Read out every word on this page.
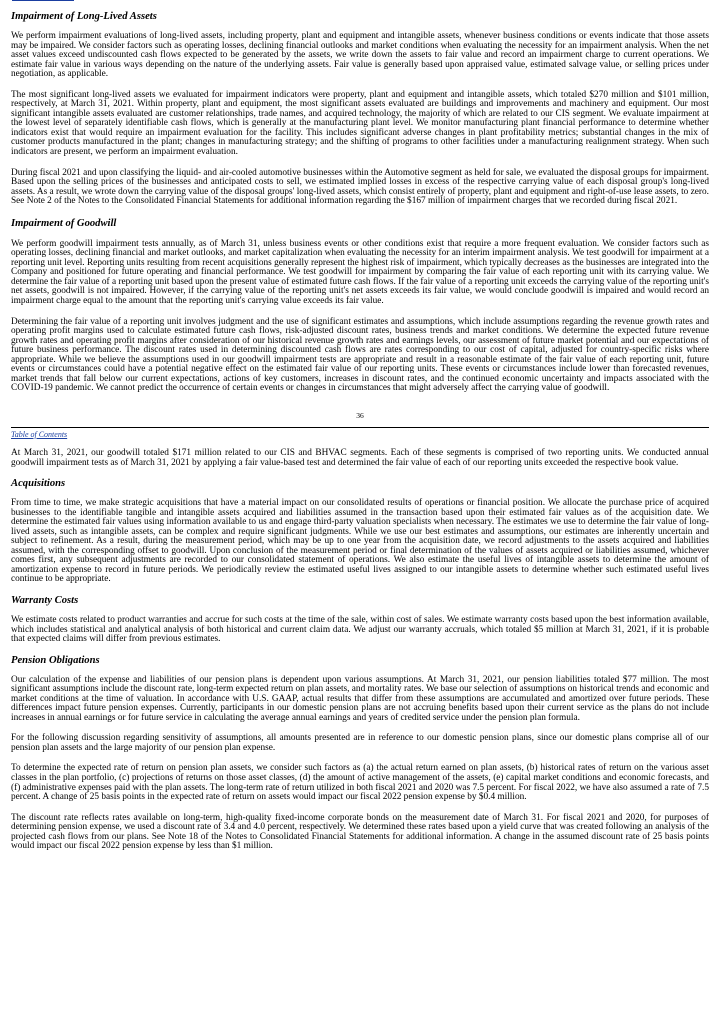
Impairment of Long-Lived Assets

We perform impairment evaluations of long-lived assets, including property, plant and equipment and intangible assets, whenever business conditions or events indicate that those assets may be impaired. We consider factors such as operating losses, declining financial outlooks and market conditions when evaluating the necessity for an impairment analysis. When the net asset values exceed undiscounted cash flows expected to be generated by the assets, we write down the assets to fair value and record an impairment charge to current operations. We estimate fair value in various ways depending on the nature of the underlying assets. Fair value is generally based upon appraised value, estimated salvage value, or selling prices under negotiation, as applicable.

The most significant long-lived assets we evaluated for impairment indicators were property, plant and equipment and intangible assets, which totaled $270 million and $101 million, respectively, at March 31, 2021. Within property, plant and equipment, the most significant assets evaluated are buildings and improvements and machinery and equipment. Our most significant intangible assets evaluated are customer relationships, trade names, and acquired technology, the majority of which are related to our CIS segment. We evaluate impairment at the lowest level of separately identifiable cash flows, which is generally at the manufacturing plant level. We monitor manufacturing plant financial performance to determine whether indicators exist that would require an impairment evaluation for the facility. This includes significant adverse changes in plant profitability metrics; substantial changes in the mix of customer products manufactured in the plant; changes in manufacturing strategy; and the shifting of programs to other facilities under a manufacturing realignment strategy. When such indicators are present, we perform an impairment evaluation.

During fiscal 2021 and upon classifying the liquid- and air-cooled automotive businesses within the Automotive segment as held for sale, we evaluated the disposal groups for impairment. Based upon the selling prices of the businesses and anticipated costs to sell, we estimated implied losses in excess of the respective carrying value of each disposal group's long-lived assets. As a result, we wrote down the carrying value of the disposal groups' long-lived assets, which consist entirely of property, plant and equipment and right-of-use lease assets, to zero. See Note 2 of the Notes to the Consolidated Financial Statements for additional information regarding the $167 million of impairment charges that we recorded during fiscal 2021.

Impairment of Goodwill

We perform goodwill impairment tests annually, as of March 31, unless business events or other conditions exist that require a more frequent evaluation. We consider factors such as operating losses, declining financial and market outlooks, and market capitalization when evaluating the necessity for an interim impairment analysis. We test goodwill for impairment at a reporting unit level. Reporting units resulting from recent acquisitions generally represent the highest risk of impairment, which typically decreases as the businesses are integrated into the Company and positioned for future operating and financial performance. We test goodwill for impairment by comparing the fair value of each reporting unit with its carrying value. We determine the fair value of a reporting unit based upon the present value of estimated future cash flows. If the fair value of a reporting unit exceeds the carrying value of the reporting unit's net assets, goodwill is not impaired. However, if the carrying value of the reporting unit's net assets exceeds its fair value, we would conclude goodwill is impaired and would record an impairment charge equal to the amount that the reporting unit's carrying value exceeds its fair value.

Determining the fair value of a reporting unit involves judgment and the use of significant estimates and assumptions, which include assumptions regarding the revenue growth rates and operating profit margins used to calculate estimated future cash flows, risk-adjusted discount rates, business trends and market conditions. We determine the expected future revenue growth rates and operating profit margins after consideration of our historical revenue growth rates and earnings levels, our assessment of future market potential and our expectations of future business performance. The discount rates used in determining discounted cash flows are rates corresponding to our cost of capital, adjusted for country-specific risks where appropriate. While we believe the assumptions used in our goodwill impairment tests are appropriate and result in a reasonable estimate of the fair value of each reporting unit, future events or circumstances could have a potential negative effect on the estimated fair value of our reporting units. These events or circumstances include lower than forecasted revenues, market trends that fall below our current expectations, actions of key customers, increases in discount rates, and the continued economic uncertainty and impacts associated with the COVID-19 pandemic. We cannot predict the occurrence of certain events or changes in circumstances that might adversely affect the carrying value of goodwill.

36
Table of Contents

At March 31, 2021, our goodwill totaled $171 million related to our CIS and BHVAC segments. Each of these segments is comprised of two reporting units. We conducted annual goodwill impairment tests as of March 31, 2021 by applying a fair value-based test and determined the fair value of each of our reporting units exceeded the respective book value.

Acquisitions

From time to time, we make strategic acquisitions that have a material impact on our consolidated results of operations or financial position. We allocate the purchase price of acquired businesses to the identifiable tangible and intangible assets acquired and liabilities assumed in the transaction based upon their estimated fair values as of the acquisition date. We determine the estimated fair values using information available to us and engage third-party valuation specialists when necessary. The estimates we use to determine the fair value of long-lived assets, such as intangible assets, can be complex and require significant judgments. While we use our best estimates and assumptions, our estimates are inherently uncertain and subject to refinement. As a result, during the measurement period, which may be up to one year from the acquisition date, we record adjustments to the assets acquired and liabilities assumed, with the corresponding offset to goodwill. Upon conclusion of the measurement period or final determination of the values of assets acquired or liabilities assumed, whichever comes first, any subsequent adjustments are recorded to our consolidated statement of operations. We also estimate the useful lives of intangible assets to determine the amount of amortization expense to record in future periods. We periodically review the estimated useful lives assigned to our intangible assets to determine whether such estimated useful lives continue to be appropriate.

Warranty Costs

We estimate costs related to product warranties and accrue for such costs at the time of the sale, within cost of sales. We estimate warranty costs based upon the best information available, which includes statistical and analytical analysis of both historical and current claim data. We adjust our warranty accruals, which totaled $5 million at March 31, 2021, if it is probable that expected claims will differ from previous estimates.

Pension Obligations

Our calculation of the expense and liabilities of our pension plans is dependent upon various assumptions. At March 31, 2021, our pension liabilities totaled $77 million. The most significant assumptions include the discount rate, long-term expected return on plan assets, and mortality rates. We base our selection of assumptions on historical trends and economic and market conditions at the time of valuation. In accordance with U.S. GAAP, actual results that differ from these assumptions are accumulated and amortized over future periods. These differences impact future pension expenses. Currently, participants in our domestic pension plans are not accruing benefits based upon their current service as the plans do not include increases in annual earnings or for future service in calculating the average annual earnings and years of credited service under the pension plan formula.

For the following discussion regarding sensitivity of assumptions, all amounts presented are in reference to our domestic pension plans, since our domestic plans comprise all of our pension plan assets and the large majority of our pension plan expense.

To determine the expected rate of return on pension plan assets, we consider such factors as (a) the actual return earned on plan assets, (b) historical rates of return on the various asset classes in the plan portfolio, (c) projections of returns on those asset classes, (d) the amount of active management of the assets, (e) capital market conditions and economic forecasts, and (f) administrative expenses paid with the plan assets. The long-term rate of return utilized in both fiscal 2021 and 2020 was 7.5 percent. For fiscal 2022, we have also assumed a rate of 7.5 percent. A change of 25 basis points in the expected rate of return on assets would impact our fiscal 2022 pension expense by $0.4 million.

The discount rate reflects rates available on long-term, high-quality fixed-income corporate bonds on the measurement date of March 31. For fiscal 2021 and 2020, for purposes of determining pension expense, we used a discount rate of 3.4 and 4.0 percent, respectively. We determined these rates based upon a yield curve that was created following an analysis of the projected cash flows from our plans. See Note 18 of the Notes to Consolidated Financial Statements for additional information. A change in the assumed discount rate of 25 basis points would impact our fiscal 2022 pension expense by less than $1 million.
